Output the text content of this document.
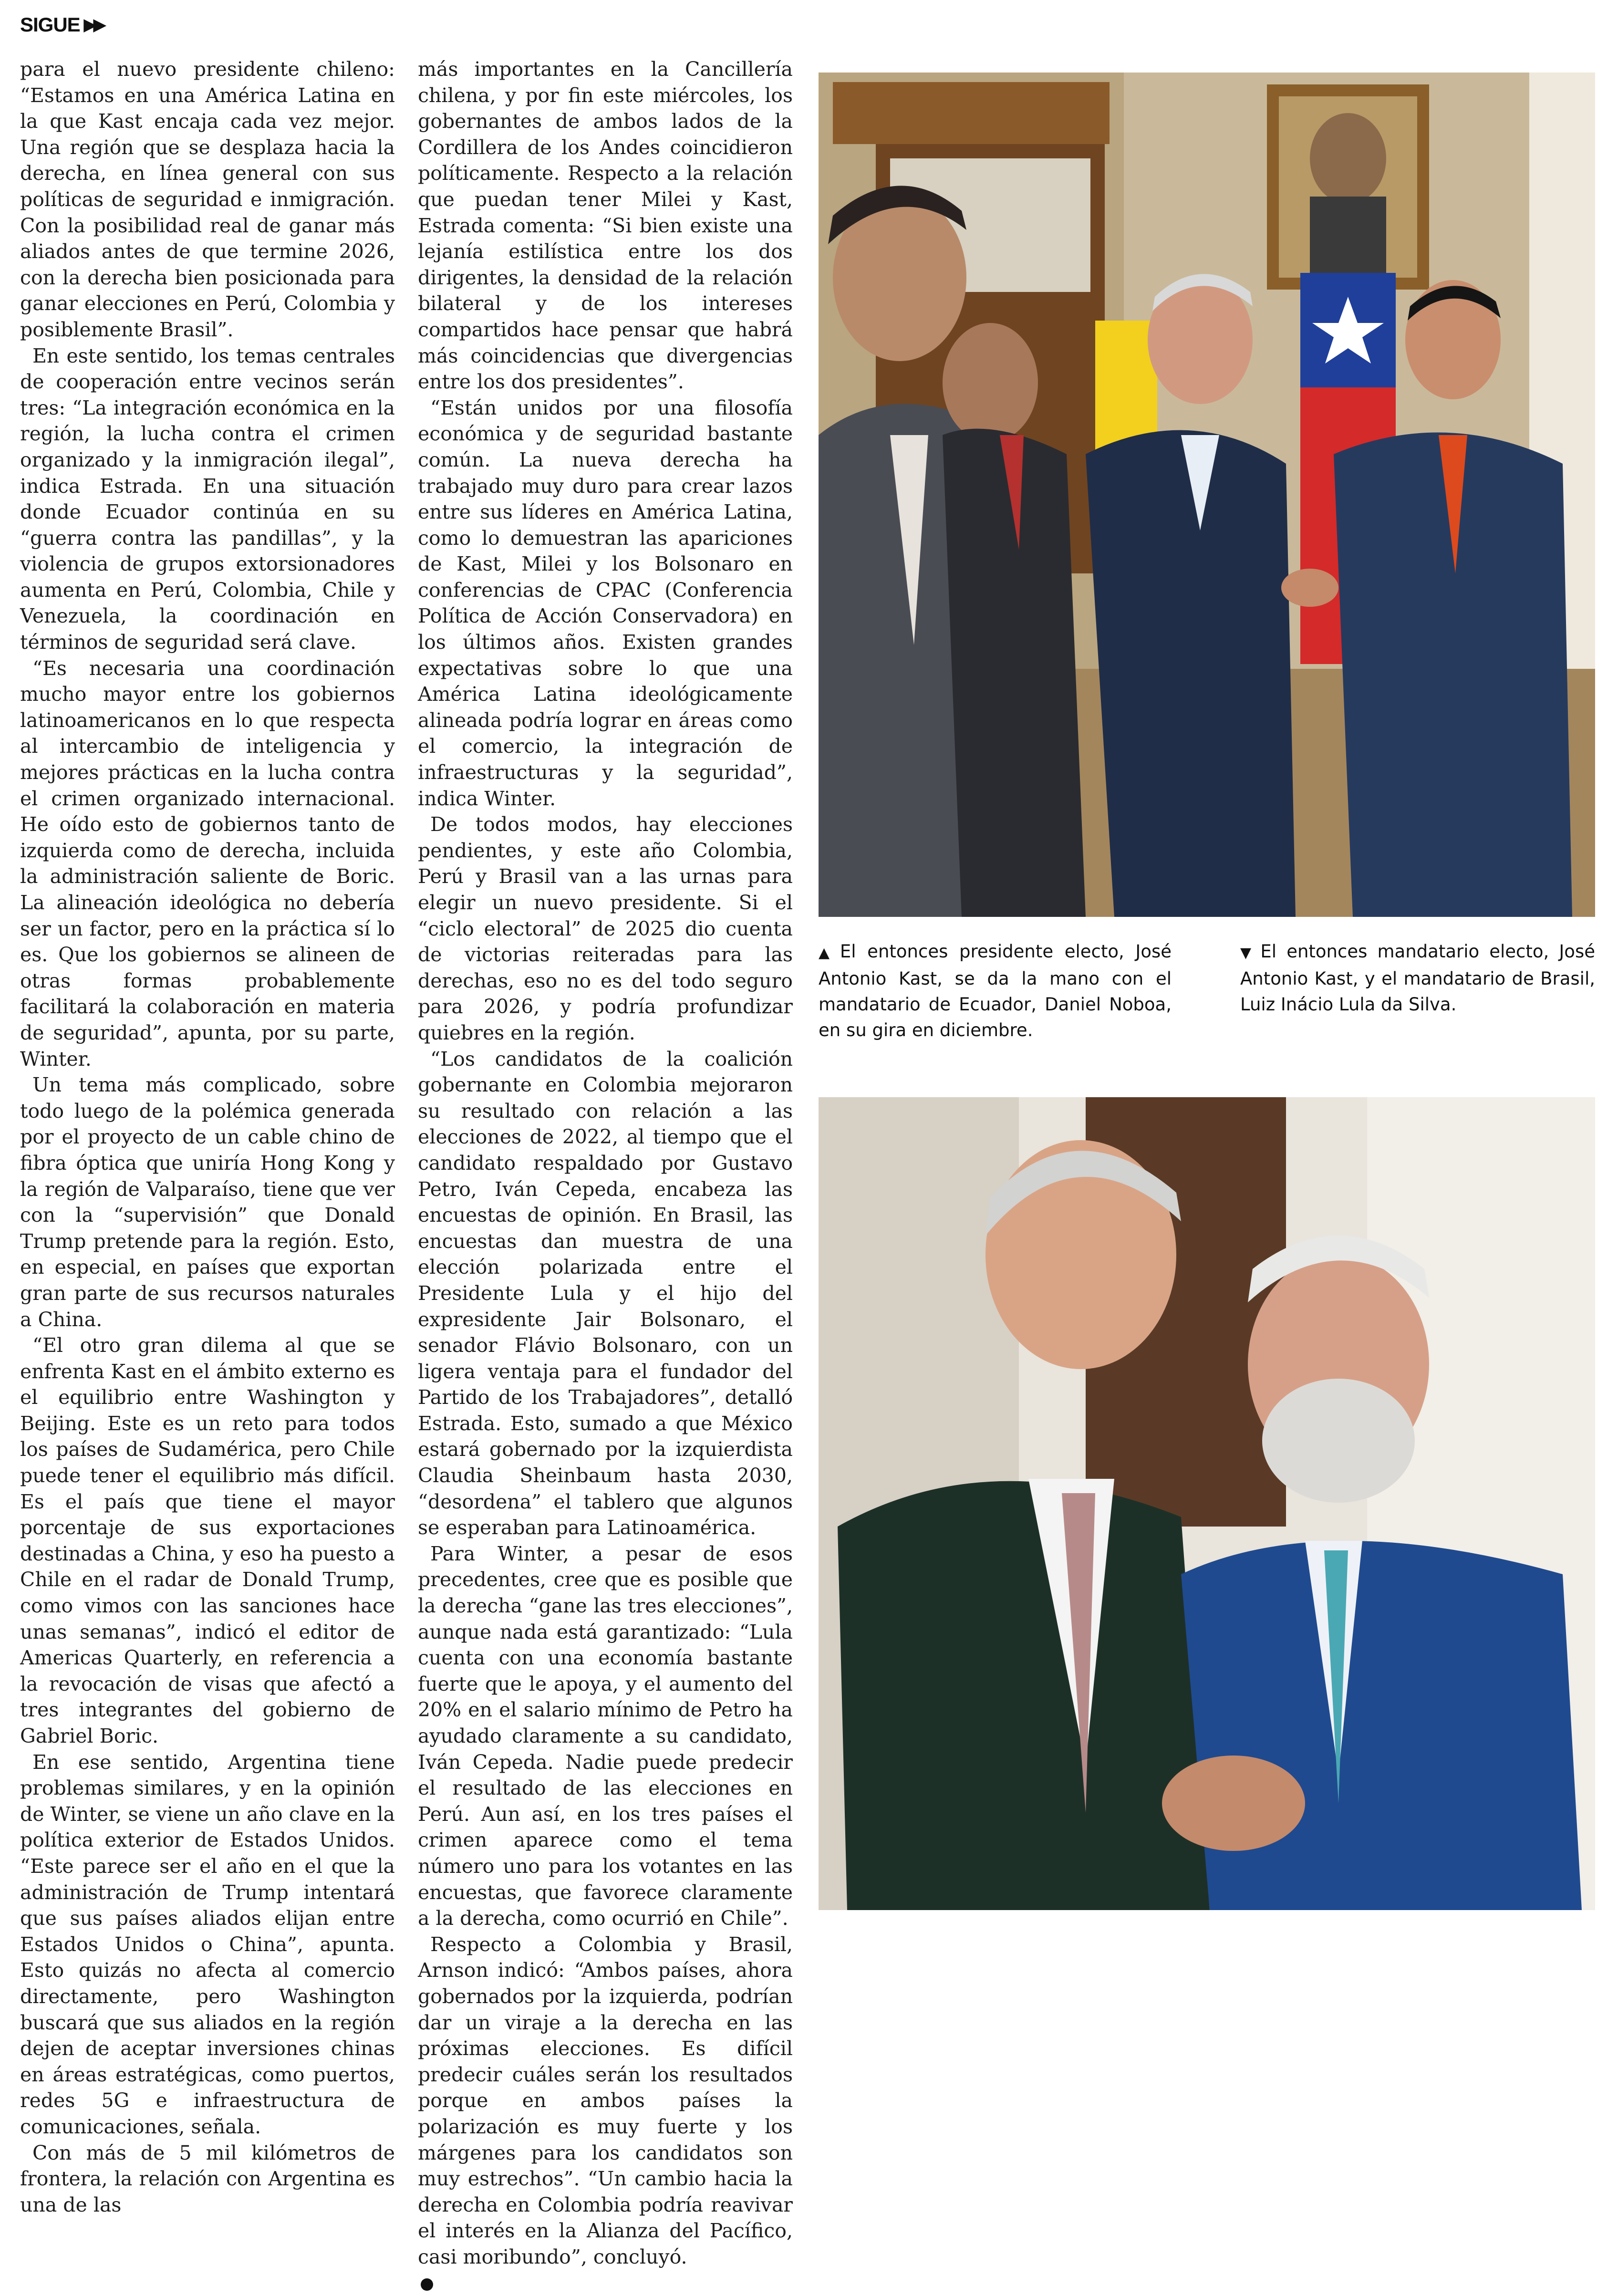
SIGUE ▶▶

para el nuevo presidente chileno: “Estamos en una América Latina en la que Kast encaja cada vez mejor. Una región que se desplaza hacia la derecha, en línea general con sus políticas de seguridad e inmigración. Con la posibilidad real de ganar más aliados antes de que termine 2026, con la derecha bien posicionada para ganar elecciones en Perú, Colombia y posiblemente Brasil”.

En este sentido, los temas centrales de cooperación entre vecinos serán tres: “La integración económica en la región, la lucha contra el crimen organizado y la inmigración ilegal”, indica Estrada. En una situación donde Ecuador continúa en su “guerra contra las pandillas”, y la violencia de grupos extorsionadores aumenta en Perú, Colombia, Chile y Venezuela, la coordinación en términos de seguridad será clave.

“Es necesaria una coordinación mucho mayor entre los gobiernos latinoamericanos en lo que respecta al intercambio de inteligencia y mejores prácticas en la lucha contra el crimen organizado internacional. He oído esto de gobiernos tanto de izquierda como de derecha, incluida la administración saliente de Boric. La alineación ideológica no debería ser un factor, pero en la práctica sí lo es. Que los gobiernos se alineen de otras formas probablemente facilitará la colaboración en materia de seguridad”, apunta, por su parte, Winter.

Un tema más complicado, sobre todo luego de la polémica generada por el proyecto de un cable chino de fibra óptica que uniría Hong Kong y la región de Valparaíso, tiene que ver con la “supervisión” que Donald Trump pretende para la región. Esto, en especial, en países que exportan gran parte de sus recursos naturales a China.

“El otro gran dilema al que se enfrenta Kast en el ámbito externo es el equilibrio entre Washington y Beijing. Este es un reto para todos los países de Sudamérica, pero Chile puede tener el equilibrio más difícil. Es el país que tiene el mayor porcentaje de sus exportaciones destinadas a China, y eso ha puesto a Chile en el radar de Donald Trump, como vimos con las sanciones hace unas semanas”, indicó el editor de Americas Quarterly, en referencia a la revocación de visas que afectó a tres integrantes del gobierno de Gabriel Boric.

En ese sentido, Argentina tiene problemas similares, y en la opinión de Winter, se viene un año clave en la política exterior de Estados Unidos. “Este parece ser el año en el que la administración de Trump intentará que sus países aliados elijan entre Estados Unidos o China”, apunta. Esto quizás no afecta al comercio directamente, pero Washington buscará que sus aliados en la región dejen de aceptar inversiones chinas en áreas estratégicas, como puertos, redes 5G e infraestructura de comunicaciones, señala.

Con más de 5 mil kilómetros de frontera, la relación con Argentina es una de las

más importantes en la Cancillería chilena, y por fin este miércoles, los gobernantes de ambos lados de la Cordillera de los Andes coincidieron políticamente. Respecto a la relación que puedan tener Milei y Kast, Estrada comenta: “Si bien existe una lejanía estilística entre los dos dirigentes, la densidad de la relación bilateral y de los intereses compartidos hace pensar que habrá más coincidencias que divergencias entre los dos presidentes”.

“Están unidos por una filosofía económica y de seguridad bastante común. La nueva derecha ha trabajado muy duro para crear lazos entre sus líderes en América Latina, como lo demuestran las apariciones de Kast, Milei y los Bolsonaro en conferencias de CPAC (Conferencia Política de Acción Conservadora) en los últimos años. Existen grandes expectativas sobre lo que una América Latina ideológicamente alineada podría lograr en áreas como el comercio, la integración de infraestructuras y la seguridad”, indica Winter.

De todos modos, hay elecciones pendientes, y este año Colombia, Perú y Brasil van a las urnas para elegir un nuevo presidente. Si el “ciclo electoral” de 2025 dio cuenta de victorias reiteradas para las derechas, eso no es del todo seguro para 2026, y podría profundizar quiebres en la región.

“Los candidatos de la coalición gobernante en Colombia mejoraron su resultado con relación a las elecciones de 2022, al tiempo que el candidato respaldado por Gustavo Petro, Iván Cepeda, encabeza las encuestas de opinión. En Brasil, las encuestas dan muestra de una elección polarizada entre el Presidente Lula y el hijo del expresidente Jair Bolsonaro, el senador Flávio Bolsonaro, con un ligera ventaja para el fundador del Partido de los Trabajadores”, detalló Estrada. Esto, sumado a que México estará gobernado por la izquierdista Claudia Sheinbaum hasta 2030, “desordena” el tablero que algunos se esperaban para Latinoamérica.

Para Winter, a pesar de esos precedentes, cree que es posible que la derecha “gane las tres elecciones”, aunque nada está garantizado: “Lula cuenta con una economía bastante fuerte que le apoya, y el aumento del 20% en el salario mínimo de Petro ha ayudado claramente a su candidato, Iván Cepeda. Nadie puede predecir el resultado de las elecciones en Perú. Aun así, en los tres países el crimen aparece como el tema número uno para los votantes en las encuestas, que favorece claramente a la derecha, como ocurrió en Chile”.

Respecto a Colombia y Brasil, Arnson indicó: “Ambos países, ahora gobernados por la izquierda, podrían dar un viraje a la derecha en las próximas elecciones. Es difícil predecir cuáles serán los resultados porque en ambos países la polarización es muy fuerte y los márgenes para los candidatos son muy estrechos”. “Un cambio hacia la derecha en Colombia podría reavivar el interés en la Alianza del Pacífico, casi moribundo”, concluyó.

▲ El entonces presidente electo, José Antonio Kast, se da la mano con el mandatario de Ecuador, Daniel Noboa, en su gira en diciembre.
▼ El entonces mandatario electo, José Antonio Kast, y el mandatario de Brasil, Luiz Inácio Lula da Silva.
